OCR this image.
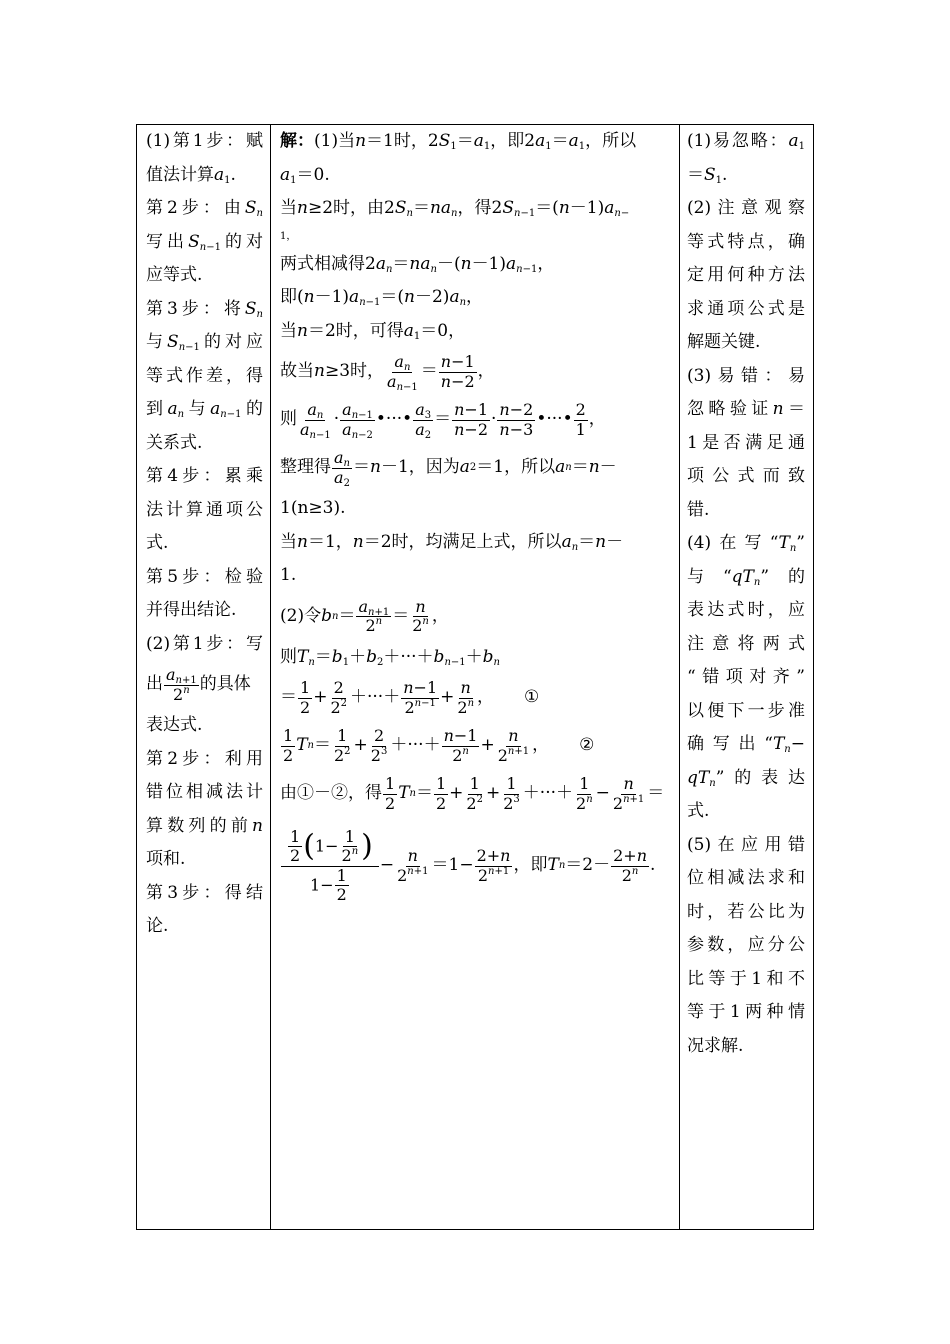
(1)第1步：赋
值法计算$a_1$.
第2步：由$S_n$
写出$S_{n-1}$的对
应等式.
第3步：将$S_n$
与$S_{n-1}$的对应
等式作差，得
到$a_n$与$a_{n-1}$的
关系式.
第4步：累乘
法计算通项公
式.
第5步：检验
并得出结论.
(2)第1步：写
出 $\frac{a_{n+1}}{2^n}$ 的具体
表达式.
第2步：利用
错位相减法计
算数列的前n
项和.
第3步：得结
论.
解：(1)当n＝1时，$2S_1=a_1$，即$2a_1=a_1$，所以
$a_1=0$.
当n≥2时，由$2S_n=na_n$，得$2S_{n-1}=(n-1)a_{n-}$
1，
两式相减得$2a_n=na_n-(n-1)a_{n-1}$，
即$(n-1)a_{n-1}=(n-2)a_n$，
当n＝2时，可得$a_1=0$，
故当 n ≥3时， $\frac{a_n}{a_{n-1}} = \frac{n-1}{n-2}$ ，
则 $\frac{a_n}{a_{n-1}} \cdot \frac{a_{n-1}}{a_{n-2}}$ •···• $\frac{a_3}{a_2} = \frac{n-1}{n-2} \cdot \frac{n-2}{n-3}$ •···• $\frac{2}{1}$ ，
整理得 $\frac{a_n}{a_2} = n -1$，因为 a 2 ＝1，所以 a n ＝ n －
1(n≥3).
当n＝1，n＝2时，均满足上式，所以$a_n=n-$
1.
(2)令 b $n = \frac{a_{n+1}}{2^n} = \frac{n}{2^n}$ ，
则$T_n=b_1+b_2+\cdot\cdot\cdot+b_{n-1}+b_n$
＝ $\frac{1}{2} + \frac{2}{2^2}$ ＋···＋ $\frac{n-1}{2^{n-1}} + \frac{n}{2^n}$ ， ①
$\frac{1}{2}$ T $n = \frac{1}{2^2} + \frac{2}{2^3}$ ＋···＋ $\frac{n-1}{2^n} + \frac{n}{2^{n+1}}$ ， ②
由①－②，得 $\frac{1}{2}$ T $n = \frac{1}{2} + \frac{1}{2^2} + \frac{1}{2^3}$ ＋···＋ $\frac{1}{2^n} - \frac{n}{2^{n+1}}$ ＝
$\frac{\frac{1}{2} (1- \frac{1}{2^n} )}{1- \frac{1}{2}} - \frac{n}{2^{n+1}} =1- \frac{2+n}{2^{n+1}}$ ，即 T $n =2- \frac{2+n}{2^n}$ .
(1)易忽略：$a_1$
$=S_1$.
(2)注意观察
等式特点，确
定用何种方法
求通项公式是
解题关键.
(3)易错：易
忽略验证n＝
1是否满足通
项公式而致
错.
(4)在写“$T_n$”
与“$qT_n$”的
表达式时，应
注意将两式
“错项对齐”
以便下一步准
确写出“$T_n-$
$qT_n$”的表达
式.
(5)在应用错
位相减法求和
时，若公比为
参数，应分公
比等于1和不
等于1两种情
况求解.
